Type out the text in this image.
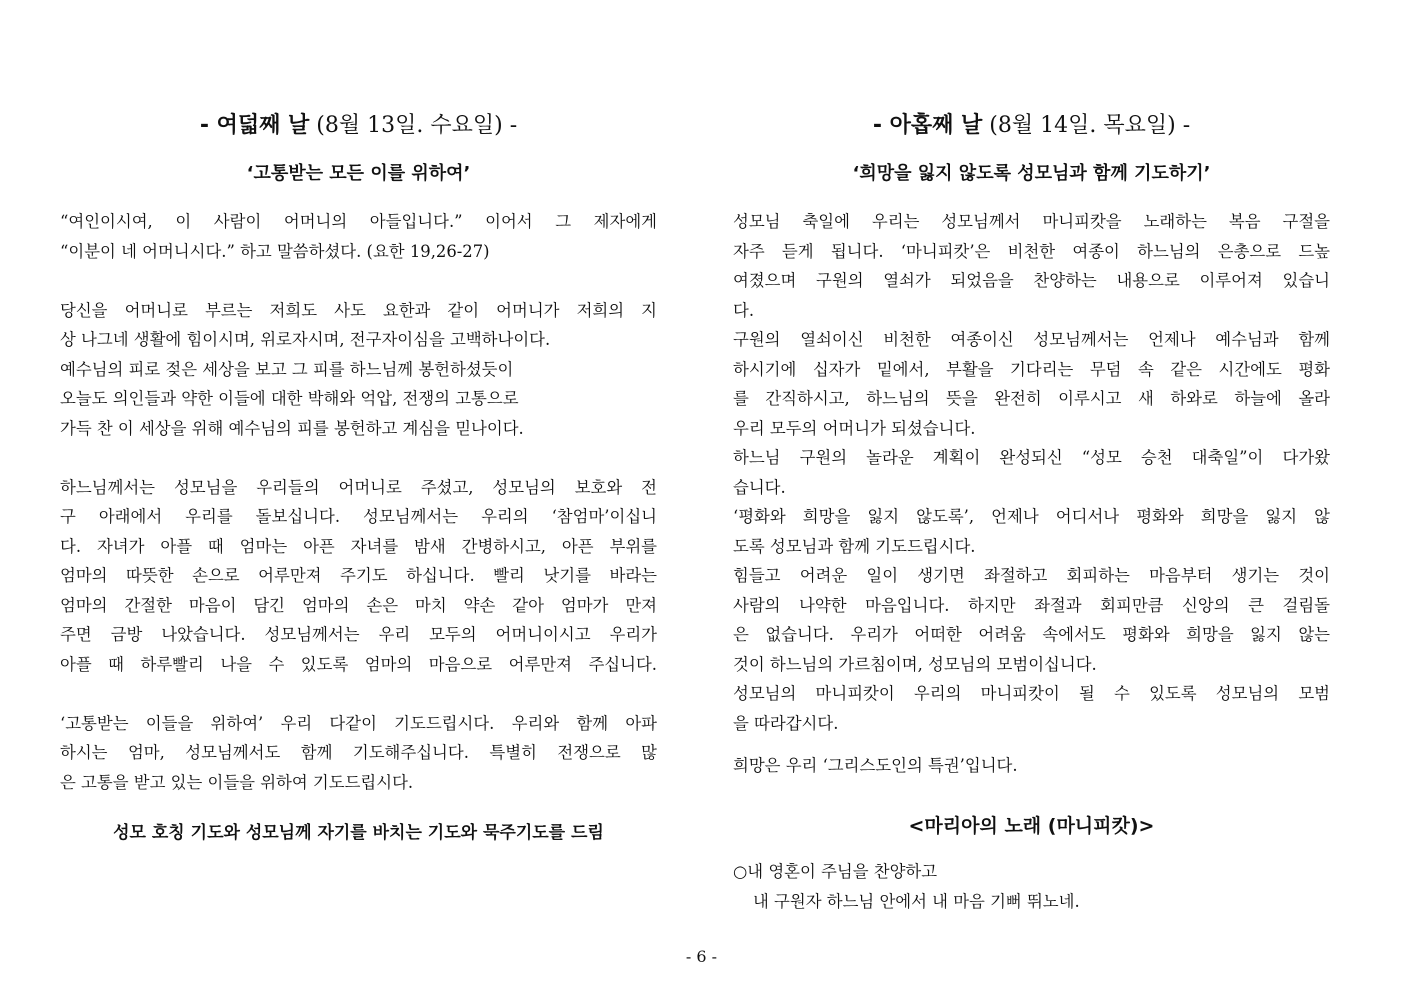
- 여덟째 날 (8월 13일. 수요일) -
‘고통받는 모든 이를 위하여’
“여인이시여, 이 사람이 어머니의 아들입니다.” 이어서 그 제자에게
“이분이 네 어머니시다.” 하고 말씀하셨다. (요한 19,26-27)
당신을 어머니로 부르는 저희도 사도 요한과 같이 어머니가 저희의 지
상 나그네 생활에 힘이시며, 위로자시며, 전구자이심을 고백하나이다.
예수님의 피로 젖은 세상을 보고 그 피를 하느님께 봉헌하셨듯이
오늘도 의인들과 약한 이들에 대한 박해와 억압, 전쟁의 고통으로
가득 찬 이 세상을 위해 예수님의 피를 봉헌하고 계심을 믿나이다.
하느님께서는 성모님을 우리들의 어머니로 주셨고, 성모님의 보호와 전
구 아래에서 우리를 돌보십니다. 성모님께서는 우리의 ‘참엄마’이십니
다. 자녀가 아플 때 엄마는 아픈 자녀를 밤새 간병하시고, 아픈 부위를
엄마의 따뜻한 손으로 어루만져 주기도 하십니다. 빨리 낫기를 바라는
엄마의 간절한 마음이 담긴 엄마의 손은 마치 약손 같아 엄마가 만져
주면 금방 나았습니다. 성모님께서는 우리 모두의 어머니이시고 우리가
아플 때 하루빨리 나을 수 있도록 엄마의 마음으로 어루만져 주십니다.
‘고통받는 이들을 위하여’ 우리 다같이 기도드립시다. 우리와 함께 아파
하시는 엄마, 성모님께서도 함께 기도해주십니다. 특별히 전쟁으로 많
은 고통을 받고 있는 이들을 위하여 기도드립시다.
성모 호칭 기도와 성모님께 자기를 바치는 기도와 묵주기도를 드림
- 아홉째 날 (8월 14일. 목요일) -
‘희망을 잃지 않도록 성모님과 함께 기도하기’
성모님 축일에 우리는 성모님께서 마니피캇을 노래하는 복음 구절을
자주 듣게 됩니다. ‘마니피캇’은 비천한 여종이 하느님의 은총으로 드높
여졌으며 구원의 열쇠가 되었음을 찬양하는 내용으로 이루어져 있습니
다.
구원의 열쇠이신 비천한 여종이신 성모님께서는 언제나 예수님과 함께
하시기에 십자가 밑에서, 부활을 기다리는 무덤 속 같은 시간에도 평화
를 간직하시고, 하느님의 뜻을 완전히 이루시고 새 하와로 하늘에 올라
우리 모두의 어머니가 되셨습니다.
하느님 구원의 놀라운 계획이 완성되신 “성모 승천 대축일”이 다가왔
습니다.
‘평화와 희망을 잃지 않도록’, 언제나 어디서나 평화와 희망을 잃지 않
도록 성모님과 함께 기도드립시다.
힘들고 어려운 일이 생기면 좌절하고 회피하는 마음부터 생기는 것이
사람의 나약한 마음입니다. 하지만 좌절과 회피만큼 신앙의 큰 걸림돌
은 없습니다. 우리가 어떠한 어려움 속에서도 평화와 희망을 잃지 않는
것이 하느님의 가르침이며, 성모님의 모범이십니다.
성모님의 마니피캇이 우리의 마니피캇이 될 수 있도록 성모님의 모범
을 따라갑시다.
희망은 우리 ‘그리스도인의 특권’입니다.
<마리아의 노래 (마니피캇)>
○내 영혼이 주님을 찬양하고
내 구원자 하느님 안에서 내 마음 기뻐 뛰노네.
- 6 -
